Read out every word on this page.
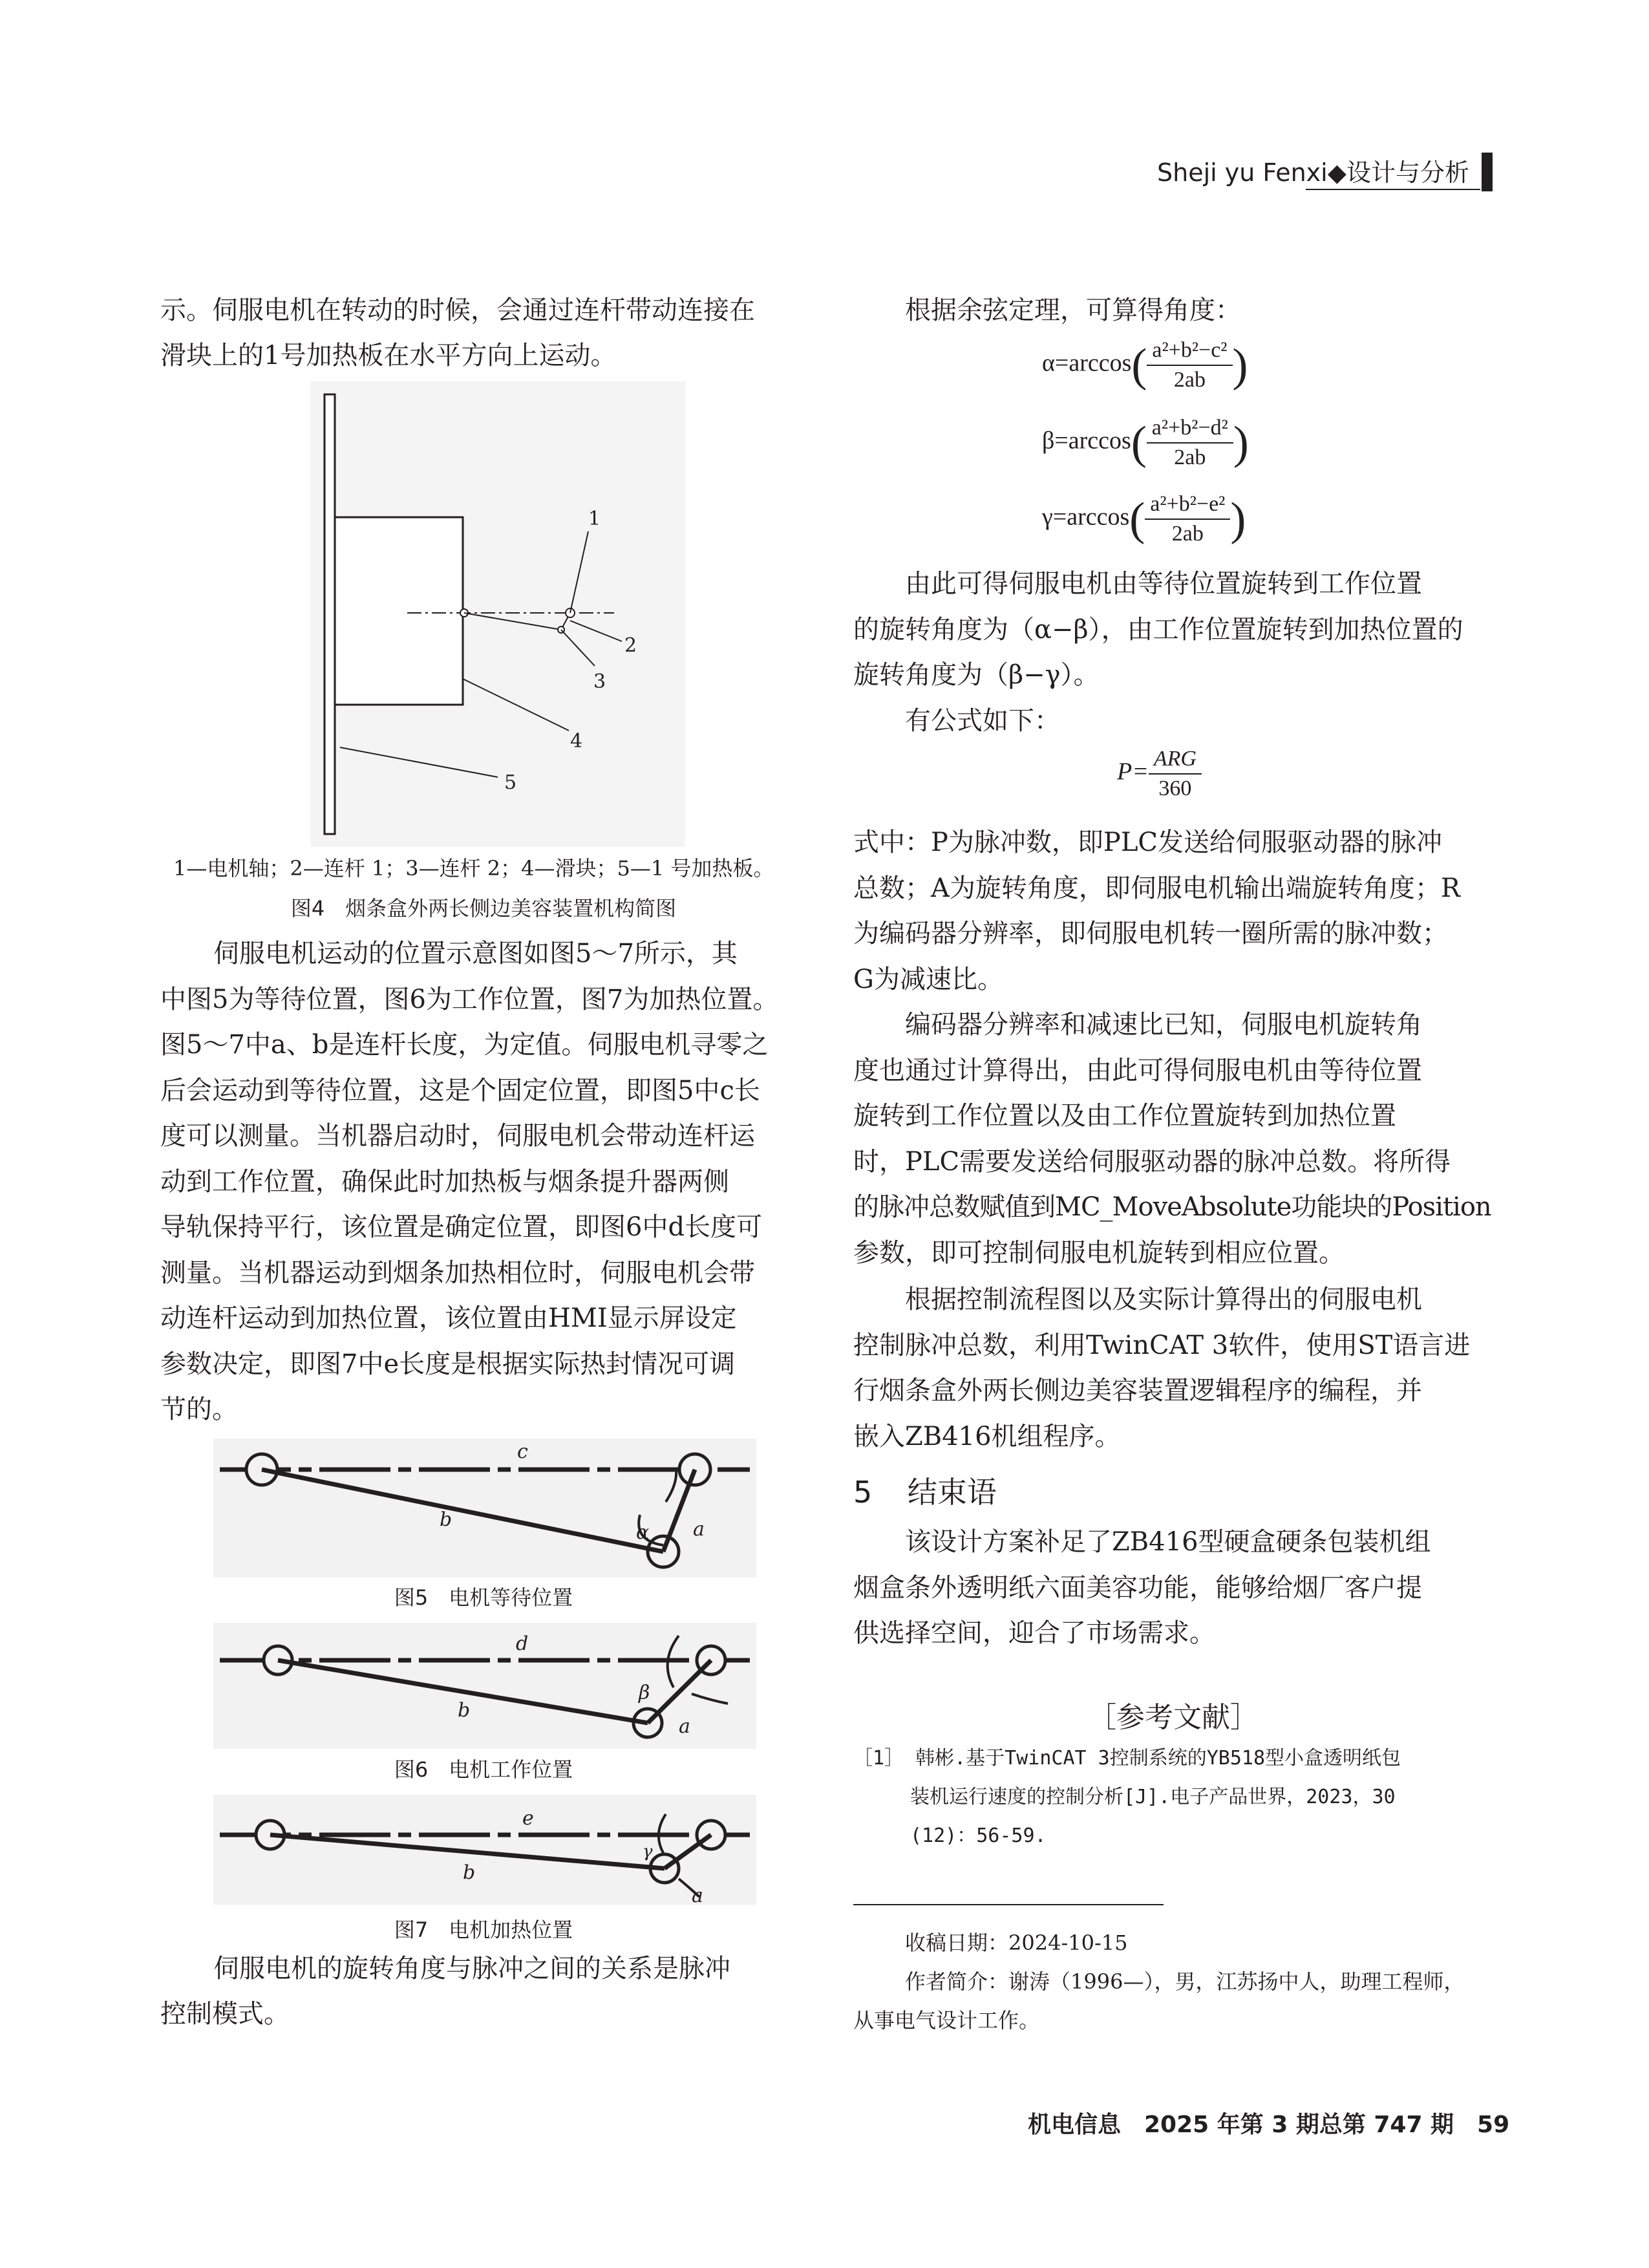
Sheji yu Fenxi◆设计与分析

示。伺服电机在转动的时候，会通过连杆带动连接在

滑块上的1号加热板在水平方向上运动。

1
2
3
4
5
1—电机轴；2—连杆 1；3—连杆 2；4—滑块；5—1 号加热板。
图4　烟条盒外两长侧边美容装置机构简图

伺服电机运动的位置示意图如图5～7所示，其

中图5为等待位置，图6为工作位置，图7为加热位置。

图5～7中a、b是连杆长度，为定值。伺服电机寻零之

后会运动到等待位置，这是个固定位置，即图5中c长

度可以测量。当机器启动时，伺服电机会带动连杆运

动到工作位置，确保此时加热板与烟条提升器两侧

导轨保持平行，该位置是确定位置，即图6中d长度可

测量。当机器运动到烟条加热相位时，伺服电机会带

动连杆运动到加热位置，该位置由HMI显示屏设定

参数决定，即图7中e长度是根据实际热封情况可调

节的。

c
b
α a
图5　电机等待位置
d
b
β
a
图6　电机工作位置
e
b
γ
a
图7　电机加热位置

伺服电机的旋转角度与脉冲之间的关系是脉冲

控制模式。

根据余弦定理，可算得角度：

$\alpha=\arccos( \frac{\text{a²+b²−c²}}{2ab}$ )
$\beta=\arccos( \frac{\text{a²+b²−d²}}{2ab}$ )
$\gamma=\arccos( \frac{\text{a²+b²−e²}}{2ab}$ )

由此可得伺服电机由等待位置旋转到工作位置

的旋转角度为（α−β），由工作位置旋转到加热位置的

旋转角度为（β−γ）。

有公式如下：

$P= \frac{\text{ARG}}{360}$

式中：P为脉冲数，即PLC发送给伺服驱动器的脉冲

总数；A为旋转角度，即伺服电机输出端旋转角度；R

为编码器分辨率，即伺服电机转一圈所需的脉冲数；

G为减速比。

编码器分辨率和减速比已知，伺服电机旋转角

度也通过计算得出，由此可得伺服电机由等待位置

旋转到工作位置以及由工作位置旋转到加热位置

时，PLC需要发送给伺服驱动器的脉冲总数。将所得

的脉冲总数赋值到MC_MoveAbsolute功能块的Position

参数，即可控制伺服电机旋转到相应位置。

根据控制流程图以及实际计算得出的伺服电机

控制脉冲总数，利用TwinCAT 3软件，使用ST语言进

行烟条盒外两长侧边美容装置逻辑程序的编程，并

嵌入ZB416机组程序。

5 结束语

该设计方案补足了ZB416型硬盒硬条包装机组

烟盒条外透明纸六面美容功能，能够给烟厂客户提

供选择空间，迎合了市场需求。

［参考文献］
［1］ 韩彬.基于TwinCAT 3控制系统的YB518型小盒透明纸包
装机运行速度的控制分析[J].电子产品世界，2023，30
(12)：56-59.
收稿日期：2024-10-15
作者简介：谢涛（1996—），男，江苏扬中人，助理工程师，
从事电气设计工作。
机电信息　2025 年第 3 期总第 747 期　59
